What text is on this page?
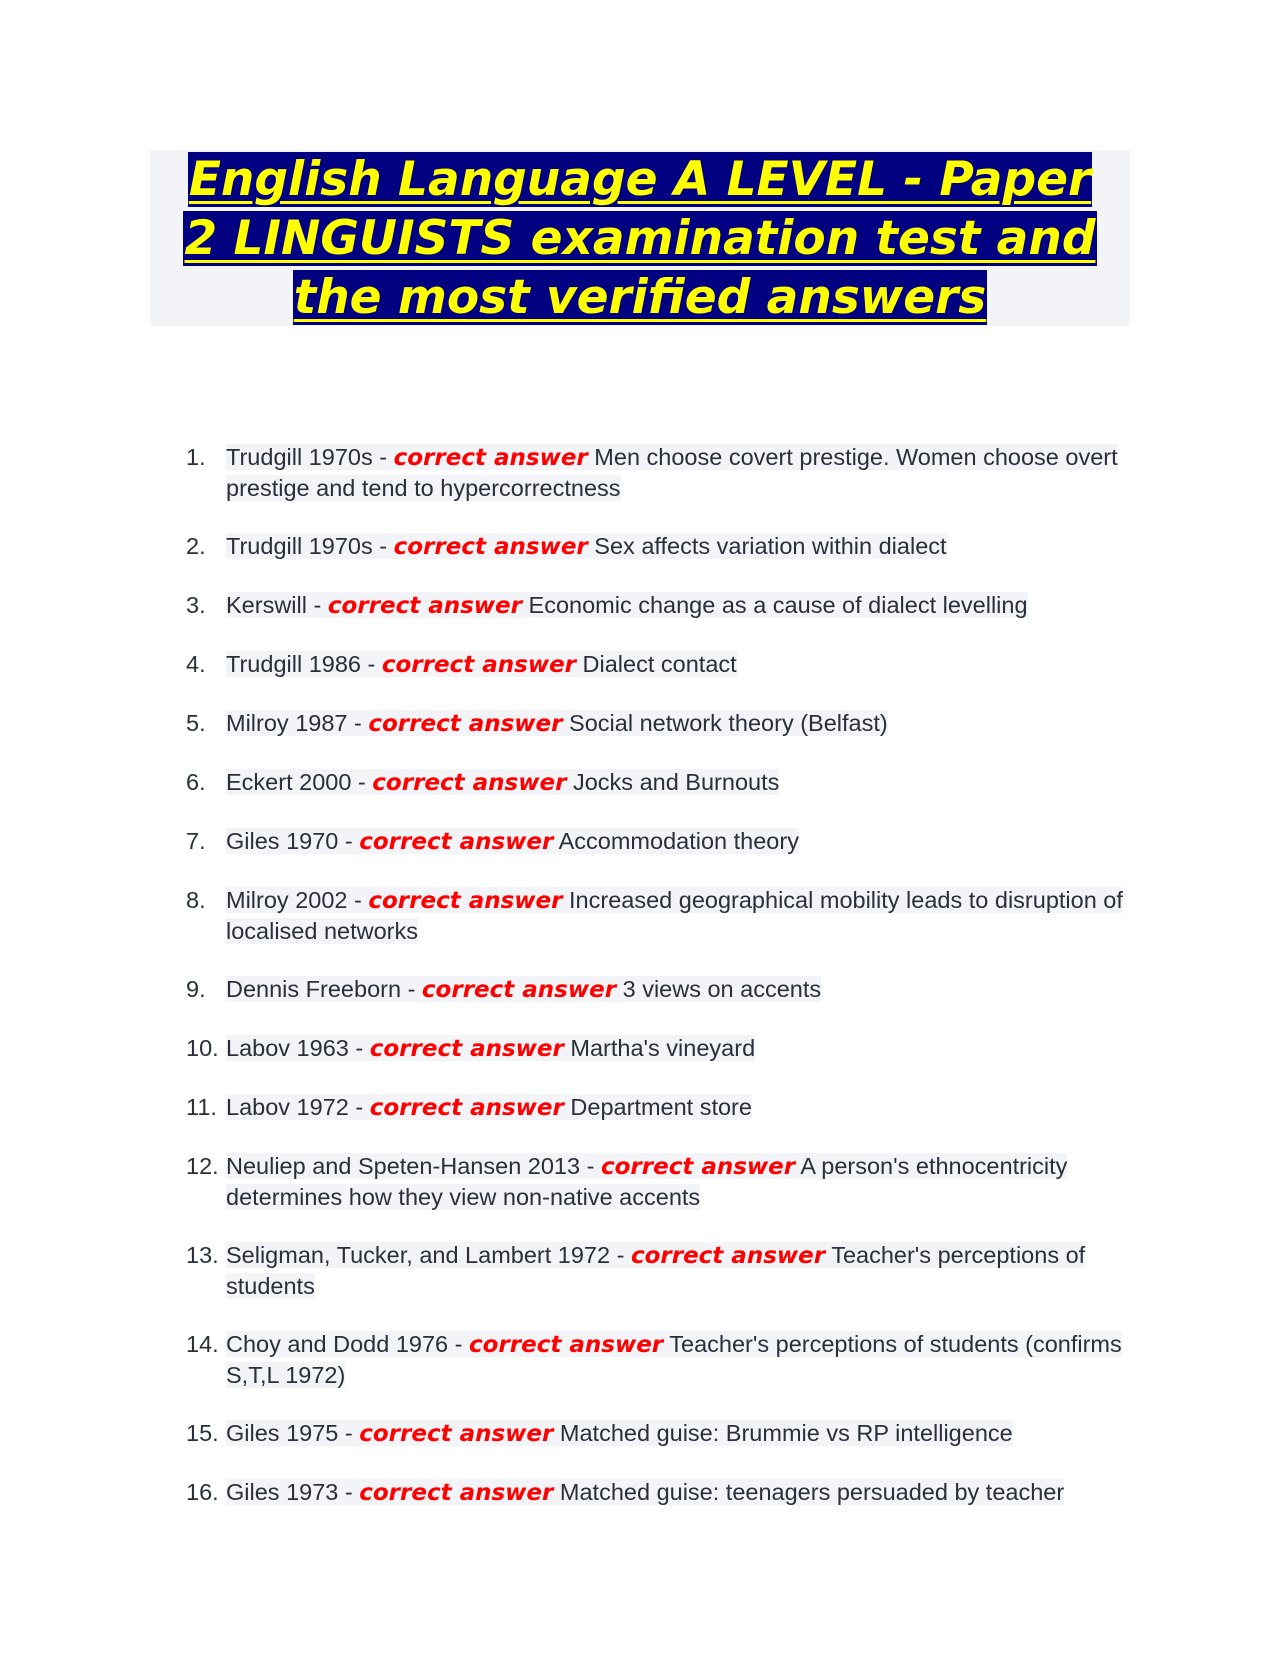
English Language A LEVEL - Paper
2 LINGUISTS examination test and
the most verified answers
1. Trudgill 1970s - correct answer Men choose covert prestige. Women choose overt prestige and tend to hypercorrectness
2. Trudgill 1970s - correct answer Sex affects variation within dialect
3. Kerswill - correct answer Economic change as a cause of dialect levelling
4. Trudgill 1986 - correct answer Dialect contact
5. Milroy 1987 - correct answer Social network theory (Belfast)
6. Eckert 2000 - correct answer Jocks and Burnouts
7. Giles 1970 - correct answer Accommodation theory
8. Milroy 2002 - correct answer Increased geographical mobility leads to disruption of localised networks
9. Dennis Freeborn - correct answer 3 views on accents
10. Labov 1963 - correct answer Martha's vineyard
11. Labov 1972 - correct answer Department store
12. Neuliep and Speten-Hansen 2013 - correct answer A person's ethnocentricity determines how they view non-native accents
13. Seligman, Tucker, and Lambert 1972 - correct answer Teacher's perceptions of students
14. Choy and Dodd 1976 - correct answer Teacher's perceptions of students (confirms S,T,L 1972)
15. Giles 1975 - correct answer Matched guise: Brummie vs RP intelligence
16. Giles 1973 - correct answer Matched guise: teenagers persuaded by teacher
